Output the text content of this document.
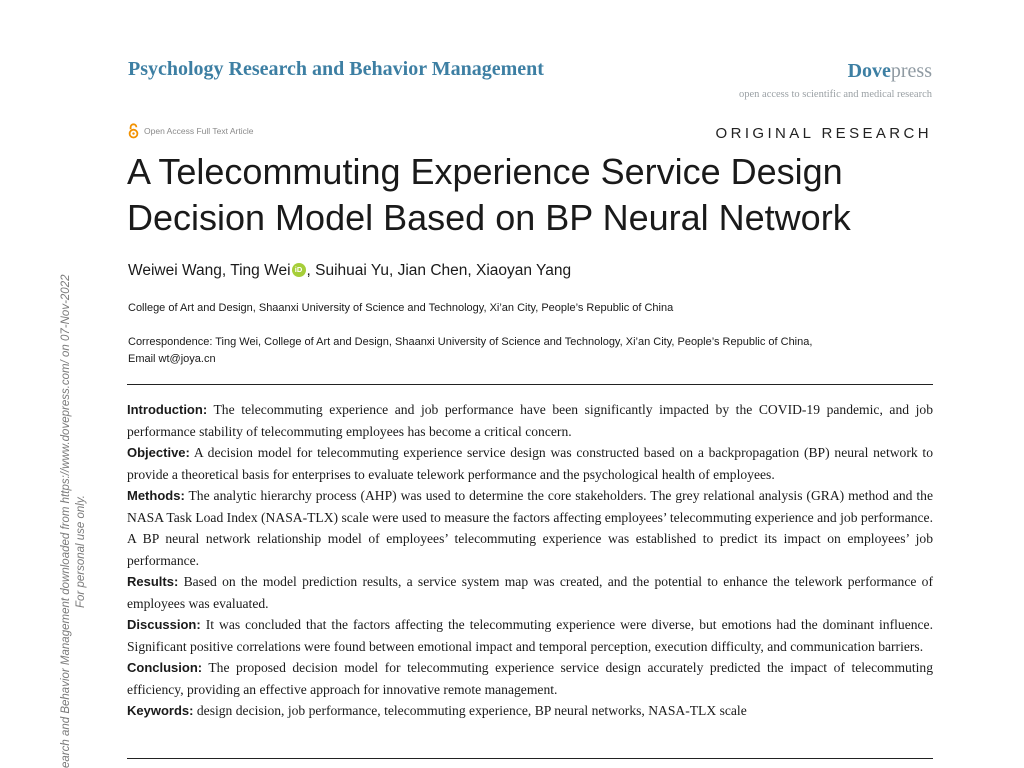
Psychology Research and Behavior Management	Dovepress
open access to scientific and medical research
Open Access Full Text Article	ORIGINAL RESEARCH
A Telecommuting Experience Service Design
Decision Model Based on BP Neural Network
Weiwei Wang, Ting Wei iD , Suihuai Yu, Jian Chen, Xiaoyan Yang
College of Art and Design, Shaanxi University of Science and Technology, Xi’an City, People’s Republic of China
Correspondence: Ting Wei, College of Art and Design, Shaanxi University of Science and Technology, Xi’an City, People’s Republic of China,
Email wt@joya.cn

Introduction: The telecommuting experience and job performance have been significantly impacted by the COVID-19 pandemic, and job performance stability of telecommuting employees has become a critical concern.

Objective: A decision model for telecommuting experience service design was constructed based on a backpropagation (BP) neural network to provide a theoretical basis for enterprises to evaluate telework performance and the psychological health of employees.

Methods: The analytic hierarchy process (AHP) was used to determine the core stakeholders. The grey relational analysis (GRA) method and the NASA Task Load Index (NASA-TLX) scale were used to measure the factors affecting employees’ telecommuting experience and job performance. A BP neural network relationship model of employees’ telecommuting experience was established to predict its impact on employees’ job performance.

Results: Based on the model prediction results, a service system map was created, and the potential to enhance the telework performance of employees was evaluated.

Discussion: It was concluded that the factors affecting the telecommuting experience were diverse, but emotions had the dominant influence. Significant positive correlations were found between emotional impact and temporal perception, execution difficulty, and communication barriers.

Conclusion: The proposed decision model for telecommuting experience service design accurately predicted the impact of telecommuting efficiency, providing an effective approach for innovative remote management.

Keywords: design decision, job performance, telecommuting experience, BP neural networks, NASA-TLX scale

earch and Behavior Management downloaded from https://www.dovepress.com/ on 07-Nov-2022 For personal use only.
